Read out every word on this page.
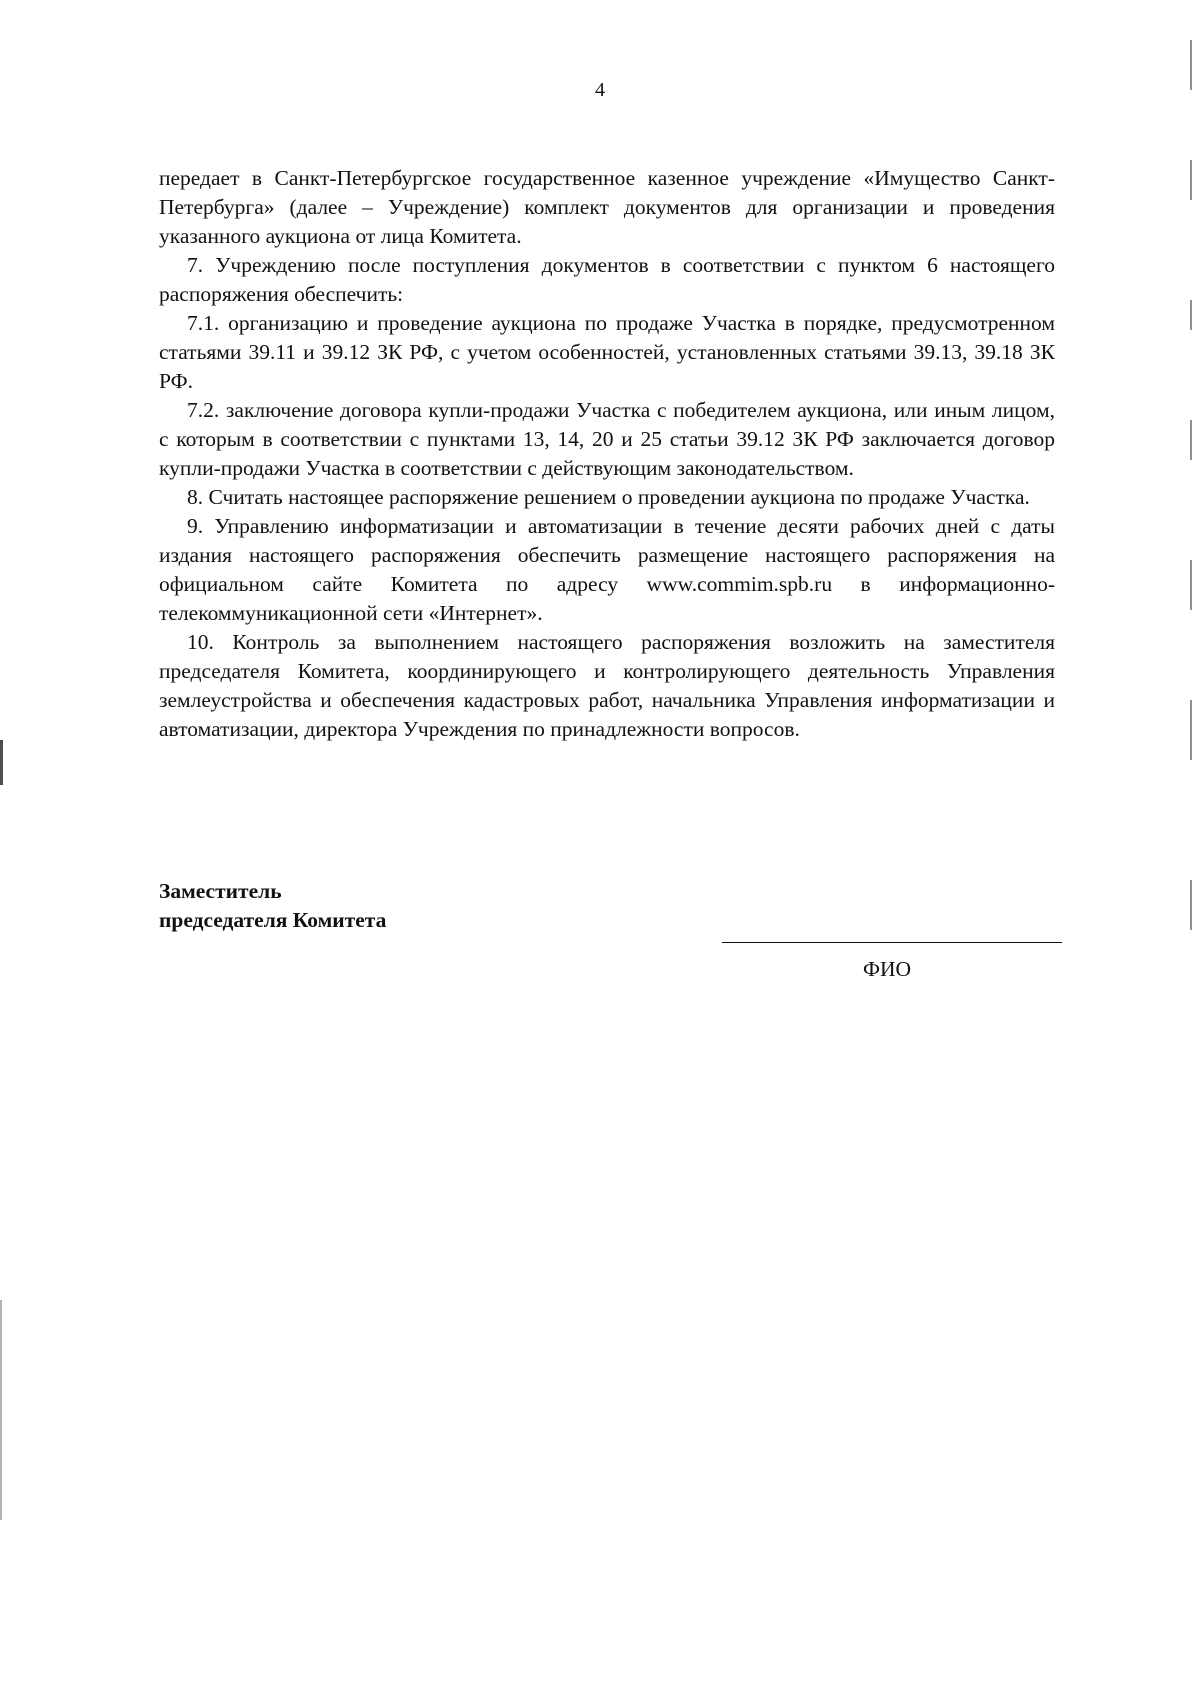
4

передает в Санкт-Петербургское государственное казенное учреждение «Имущество Санкт-Петербурга» (далее – Учреждение) комплект документов для организации и проведения указанного аукциона от лица Комитета.

7. Учреждению после поступления документов в соответствии с пунктом 6 настоящего распоряжения обеспечить:

7.1. организацию и проведение аукциона по продаже Участка в порядке, предусмотренном статьями 39.11 и 39.12 ЗК РФ, с учетом особенностей, установленных статьями 39.13, 39.18 ЗК РФ.

7.2. заключение договора купли-продажи Участка с победителем аукциона, или иным лицом, с которым в соответствии с пунктами 13, 14, 20 и 25 статьи 39.12 ЗК РФ заключается договор купли-продажи Участка в соответствии с действующим законодательством.

8. Считать настоящее распоряжение решением о проведении аукциона по продаже Участка.

9. Управлению информатизации и автоматизации в течение десяти рабочих дней с даты издания настоящего распоряжения обеспечить размещение настоящего распоряжения на официальном сайте Комитета по адресу www.commim.spb.ru в информационно-телекоммуникационной сети «Интернет».

10. Контроль за выполнением настоящего распоряжения возложить на заместителя председателя Комитета, координирующего и контролирующего деятельность Управления землеустройства и обеспечения кадастровых работ, начальника Управления информатизации и автоматизации, директора Учреждения по принадлежности вопросов.

Заместитель
председателя Комитета
ФИО
